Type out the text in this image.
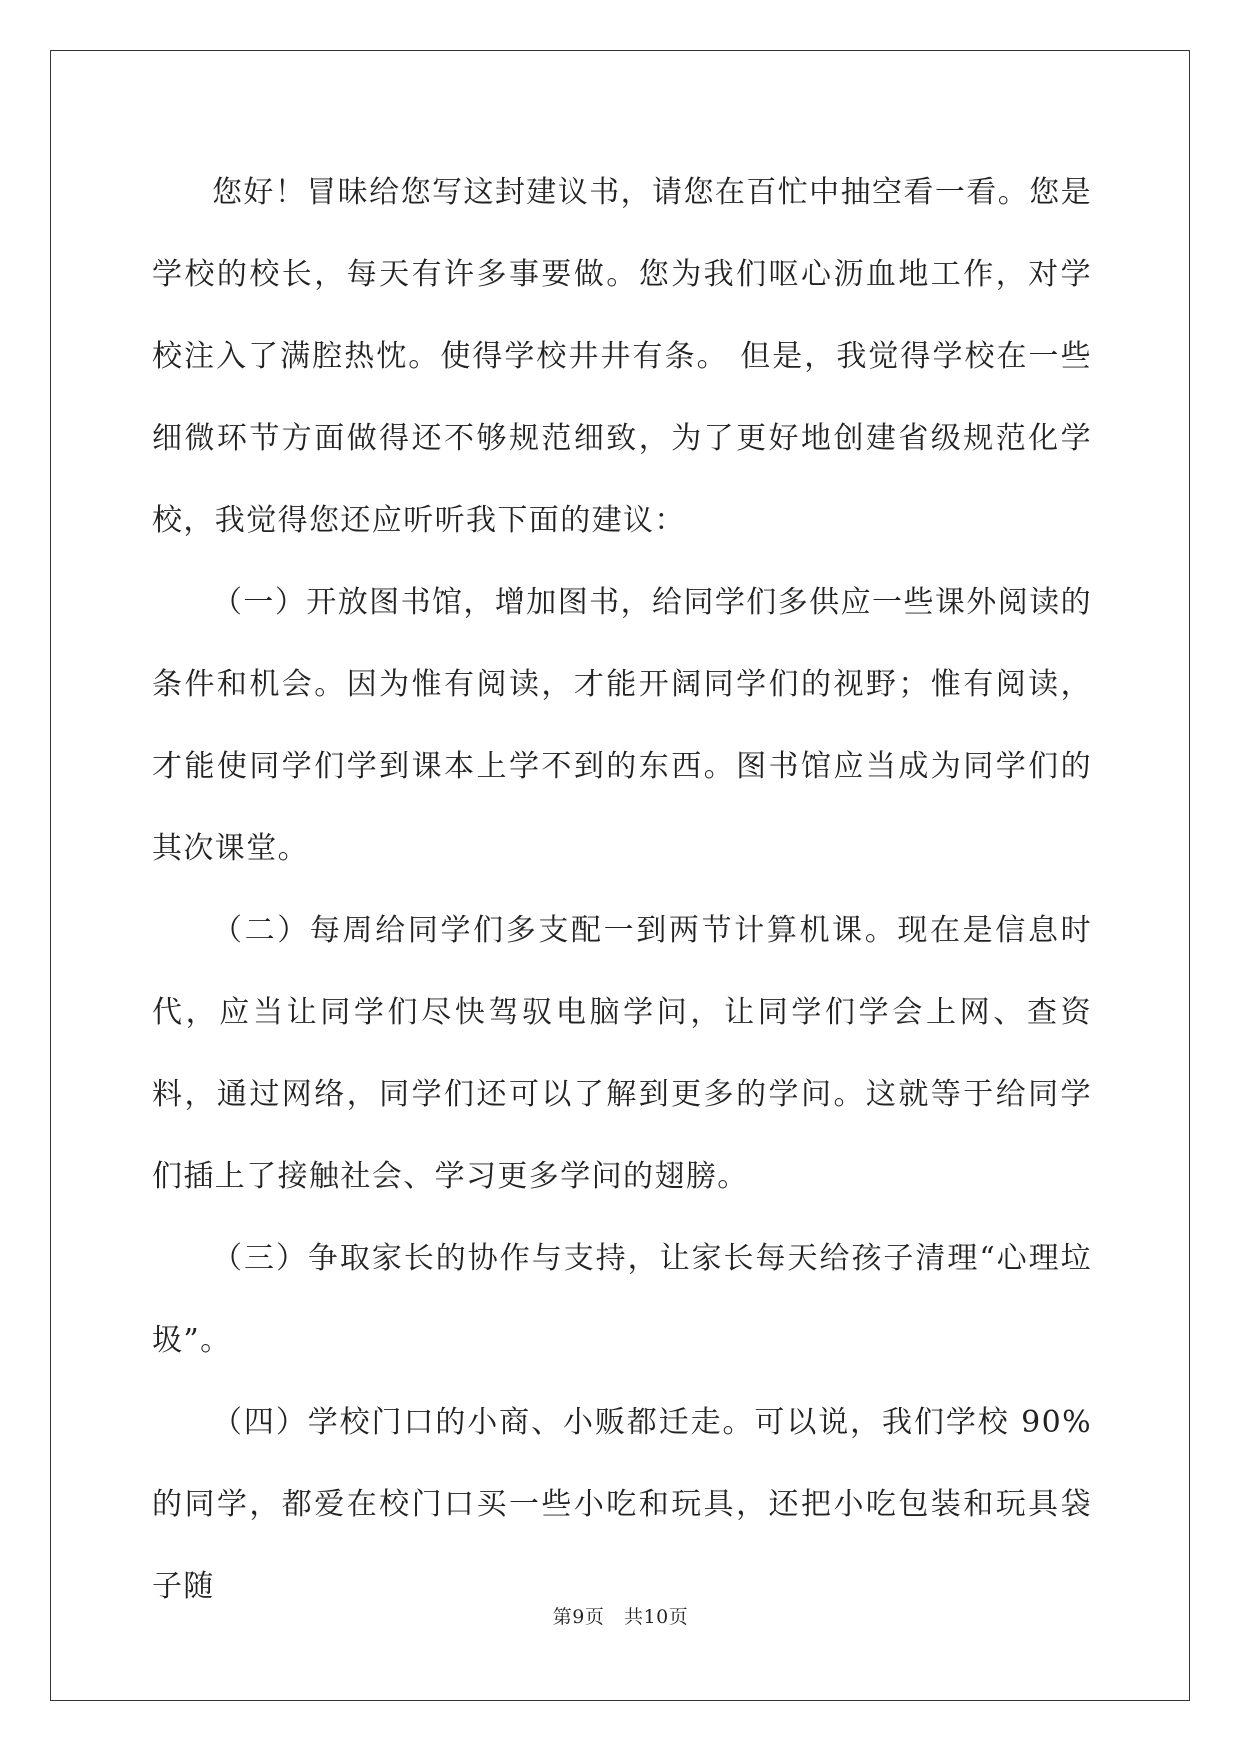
您好！冒昧给您写这封建议书，请您在百忙中抽空看一看。您是学校的校长，每天有许多事要做。您为我们呕心沥血地工作，对学校注入了满腔热忱。使得学校井井有条。 但是，我觉得学校在一些细微环节方面做得还不够规范细致，为了更好地创建省级规范化学校，我觉得您还应听听我下面的建议：

（一）开放图书馆，增加图书，给同学们多供应一些课外阅读的条件和机会。因为惟有阅读，才能开阔同学们的视野；惟有阅读，才能使同学们学到课本上学不到的东西。图书馆应当成为同学们的其次课堂。

（二）每周给同学们多支配一到两节计算机课。现在是信息时代，应当让同学们尽快驾驭电脑学问，让同学们学会上网、查资料，通过网络，同学们还可以了解到更多的学问。这就等于给同学们插上了接触社会、学习更多学问的翅膀。

（三）争取家长的协作与支持，让家长每天给孩子清理“心理垃圾”。

（四）学校门口的小商、小贩都迁走。可以说，我们学校 90%的同学，都爱在校门口买一些小吃和玩具，还把小吃包装和玩具袋子随

第9页 共10页
